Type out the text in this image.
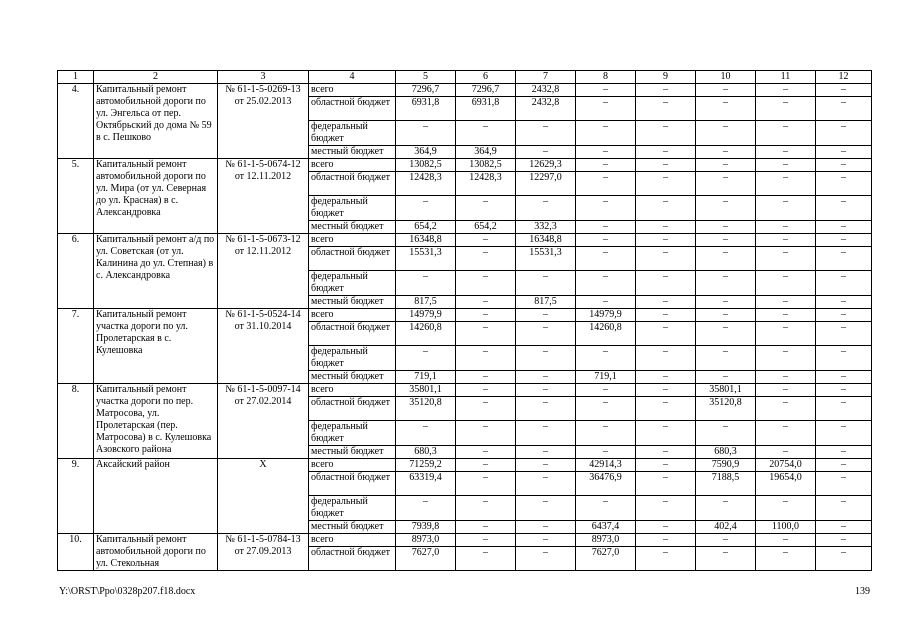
1	2	3	4	5	6	7	8	9	10	11	12
4.	Капитальный ремонт автомобильной дороги по ул. Энгельса от пер. Октябрьский до дома № 59 в с. Пешково	№ 61-1-5-0269-13 от 25.02.2013	всего	7296,7	7296,7	2432,8	–	–	–	–	–
			областной бюджет	6931,8	6931,8	2432,8	–	–	–	–	–
			федеральный бюджет	–	–	–	–	–	–	–	–
			местный бюджет	364,9	364,9	–	–	–	–	–	–
5.	Капитальный ремонт автомобильной дороги по ул. Мира (от ул. Северная до ул. Красная) в с. Александровка	№ 61-1-5-0674-12 от 12.11.2012	всего	13082,5	13082,5	12629,3	–	–	–	–	–
			областной бюджет	12428,3	12428,3	12297,0	–	–	–	–	–
			федеральный бюджет	–	–	–	–	–	–	–	–
			местный бюджет	654,2	654,2	332,3	–	–	–	–	–
6.	Капитальный ремонт а/д по ул. Советская (от ул. Калинина до ул. Степная) в с. Александровка	№ 61-1-5-0673-12 от 12.11.2012	всего	16348,8	–	16348,8	–	–	–	–	–
			областной бюджет	15531,3	–	15531,3	–	–	–	–	–
			федеральный бюджет	–	–	–	–	–	–	–	–
			местный бюджет	817,5	–	817,5	–	–	–	–	–
7.	Капитальный ремонт участка дороги по ул. Пролетарская в с. Кулешовка	№ 61-1-5-0524-14 от 31.10.2014	всего	14979,9	–	–	14979,9	–	–	–	–
			областной бюджет	14260,8	–	–	14260,8	–	–	–	–
			федеральный бюджет	–	–	–	–	–	–	–	–
			местный бюджет	719,1	–	–	719,1	–	–	–	–
8.	Капитальный ремонт участка дороги по пер. Матросова, ул. Пролетарская (пер. Матросова) в с. Кулешовка Азовского района	№ 61-1-5-0097-14 от 27.02.2014	всего	35801,1	–	–	–	–	35801,1	–	–
			областной бюджет	35120,8	–	–	–	–	35120,8	–	–
			федеральный бюджет	–	–	–	–	–	–	–	–
			местный бюджет	680,3	–	–	–	–	680,3	–	–
9.	Аксайский район	Х	всего	71259,2	–	–	42914,3	–	7590,9	20754,0	–
			областной бюджет	63319,4	–	–	36476,9	–	7188,5	19654,0	–
			федеральный бюджет	–	–	–	–	–	–	–	–
			местный бюджет	7939,8	–	–	6437,4	–	402,4	1100,0	–
10.	Капитальный ремонт автомобильной дороги по ул. Стекольная	№ 61-1-5-0784-13 от 27.09.2013	всего	8973,0	–	–	8973,0	–	–	–	–
			областной бюджет	7627,0	–	–	7627,0	–	–	–	–
Y:\ORST\Ppo\0328p207.f18.docx	139
